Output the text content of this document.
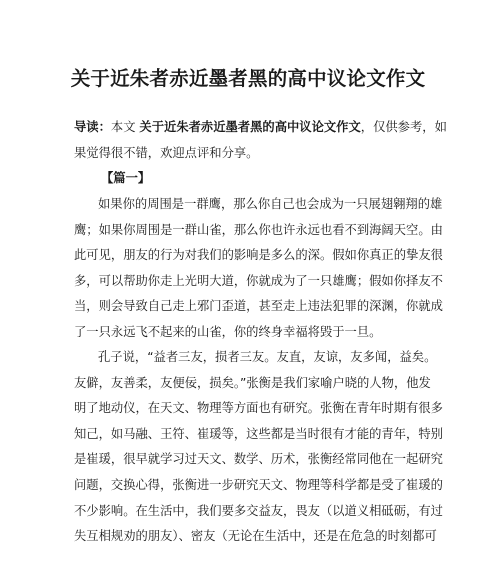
关于近朱者赤近墨者黑的高中议论文作文
导读：本文 关于近朱者赤近墨者黑的高中议论文作文，仅供参考，如
果觉得很不错，欢迎点评和分享。
【篇一】
如果你的周围是一群鹰，那么你自己也会成为一只展翅翱翔的雄
鹰；如果你周围是一群山雀，那么你也许永远也看不到海阔天空。由
此可见，朋友的行为对我们的影响是多么的深。假如你真正的挚友很
多，可以帮助你走上光明大道，你就成为了一只雄鹰；假如你择友不
当，则会导致自己走上邪门歪道，甚至走上违法犯罪的深渊，你就成
了一只永远飞不起来的山雀，你的终身幸福将毁于一旦。
孔子说，“益者三友，损者三友。友直，友谅，友多闻，益矣。
友僻，友善柔，友便佞，损矣。”张衡是我们家喻户晓的人物，他发
明了地动仪，在天文、物理等方面也有研究。张衡在青年时期有很多
知己，如马融、王符、崔瑗等，这些都是当时很有才能的青年，特别
是崔瑗，很早就学习过天文、数学、历术，张衡经常同他在一起研究
问题，交换心得，张衡进一步研究天文、物理等科学都是受了崔瑗的
不少影响。在生活中，我们要多交益友，畏友（以道义相砥砺，有过
失互相规劝的朋友）、密友（无论在生活中，还是在危急的时刻都可
